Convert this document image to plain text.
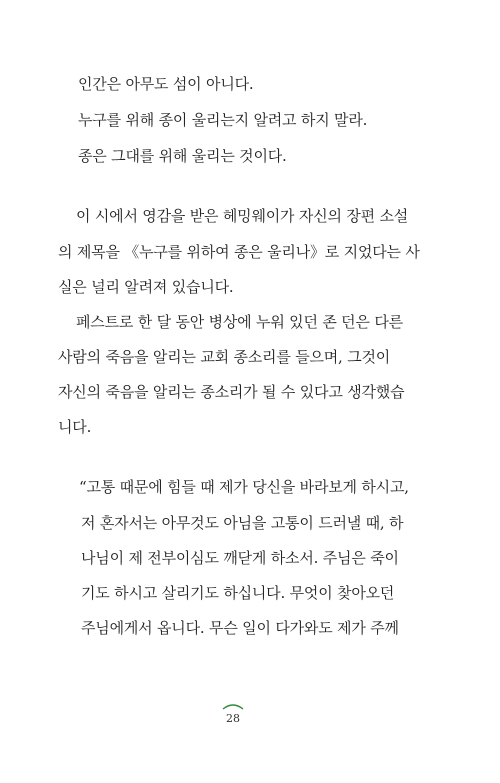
인간은 아무도 섬이 아니다.
누구를 위해 종이 울리는지 알려고 하지 말라.
종은 그대를 위해 울리는 것이다.
이 시에서 영감을 받은 헤밍웨이가 자신의 장편 소설
의 제목을 《누구를 위하여 종은 울리나》로 지었다는 사
실은 널리 알려져 있습니다.
페스트로 한 달 동안 병상에 누워 있던 존 던은 다른
사람의 죽음을 알리는 교회 종소리를 들으며, 그것이
자신의 죽음을 알리는 종소리가 될 수 있다고 생각했습
니다.
“고통 때문에 힘들 때 제가 당신을 바라보게 하시고,
저 혼자서는 아무것도 아님을 고통이 드러낼 때, 하
나님이 제 전부이심도 깨닫게 하소서. 주님은 죽이
기도 하시고 살리기도 하십니다. 무엇이 찾아오던
주님에게서 옵니다. 무슨 일이 다가와도 제가 주께
28
